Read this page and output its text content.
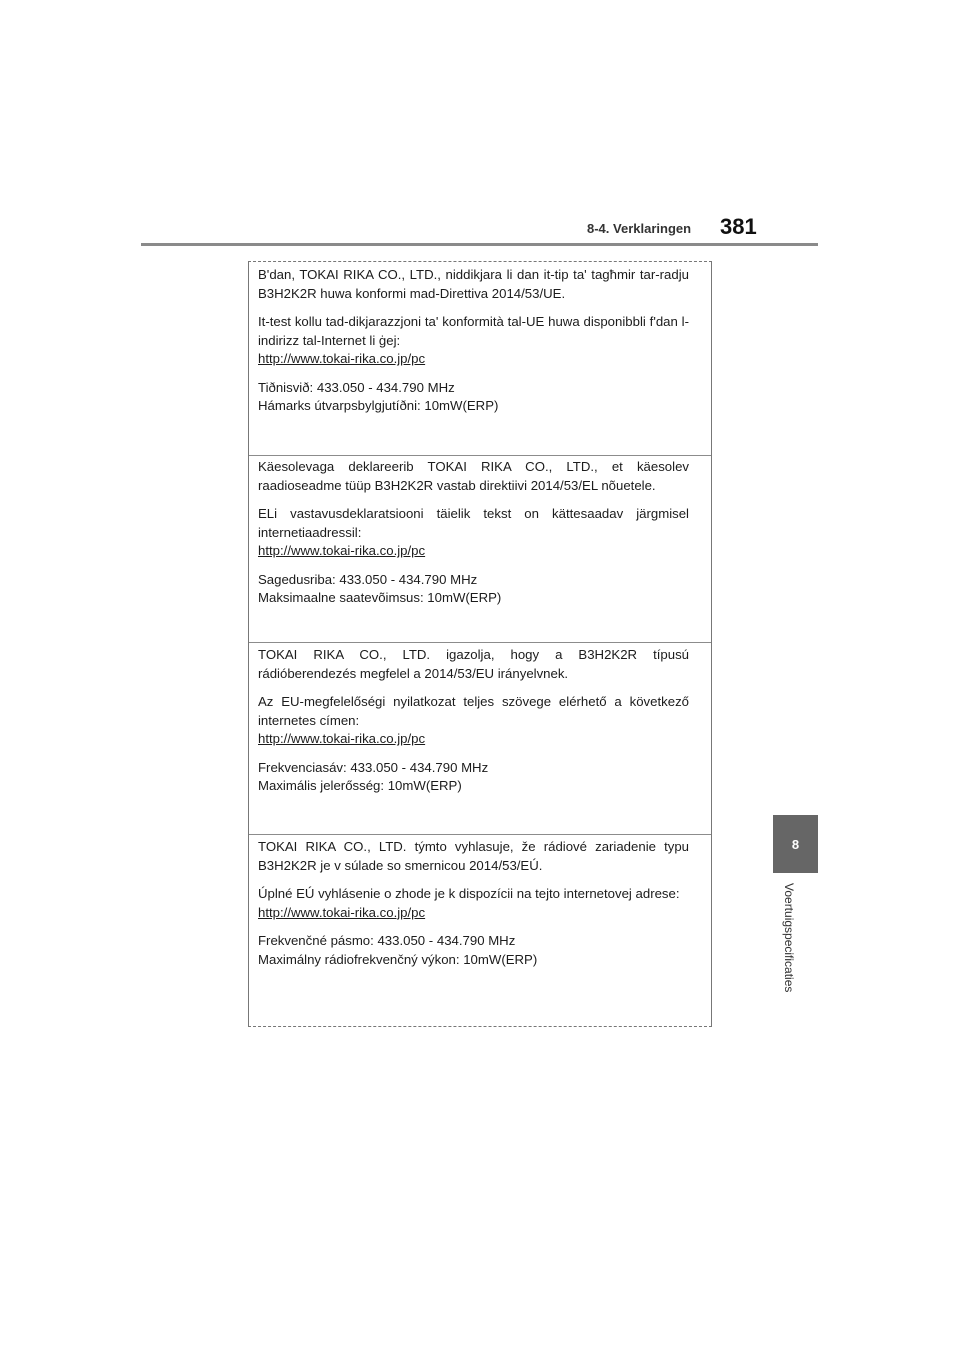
8-4. Verklaringen 381
8
Voertuigspecificaties

B'dan, TOKAI RIKA CO., LTD., niddikjara li dan it-tip ta' tagħmir tar-radju B3H2K2R huwa konformi mad-Direttiva 2014/53/UE.

It-test kollu tad-dikjarazzjoni ta' konformità tal-UE huwa disponibbli f'dan l-indirizz tal-Internet li ġej:

http://www.tokai-rika.co.jp/pc

Tiðnisvið: 433.050 - 434.790 MHz

Hámarks útvarpsbylgjutíðni: 10mW(ERP)

Käesolevaga deklareerib TOKAI RIKA CO., LTD., et käesolev raadioseadme tüüp B3H2K2R vastab direktiivi 2014/53/EL nõuetele.

ELi vastavusdeklaratsiooni täielik tekst on kättesaadav järgmisel internetiaadressil:

http://www.tokai-rika.co.jp/pc

Sagedusriba: 433.050 - 434.790 MHz

Maksimaalne saatevõimsus: 10mW(ERP)

TOKAI RIKA CO., LTD. igazolja, hogy a B3H2K2R típusú rádióberendezés megfelel a 2014/53/EU irányelvnek.

Az EU-megfelelőségi nyilatkozat teljes szövege elérhető a következő internetes címen:

http://www.tokai-rika.co.jp/pc

Frekvenciasáv: 433.050 - 434.790 MHz

Maximális jelerősség: 10mW(ERP)

TOKAI RIKA CO., LTD. týmto vyhlasuje, že rádiové zariadenie typu B3H2K2R je v súlade so smernicou 2014/53/EÚ.

Úplné EÚ vyhlásenie o zhode je k dispozícii na tejto internetovej adrese:

http://www.tokai-rika.co.jp/pc

Frekvenčné pásmo: 433.050 - 434.790 MHz

Maximálny rádiofrekvenčný výkon: 10mW(ERP)
